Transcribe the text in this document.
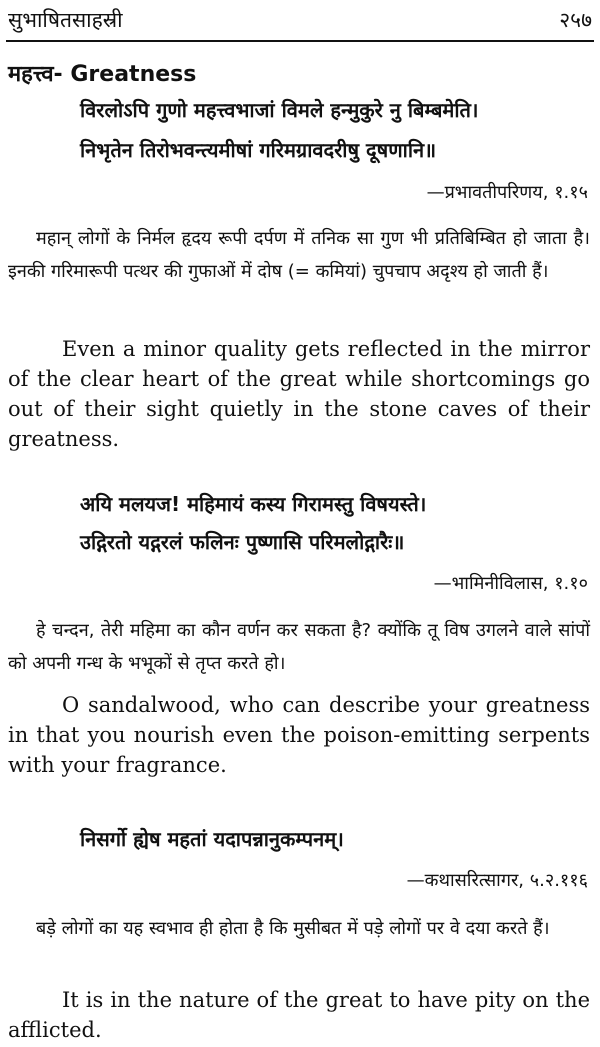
सुभाषितसाहस्री	२५७
महत्त्व- Greatness
विरलोऽपि गुणो महत्त्वभाजां विमले हन्मुकुरे नु बिम्बमेति।
निभृतेन तिरोभवन्त्यमीषां गरिमग्रावदरीषु दूषणानि॥
—प्रभावतीपरिणय, १.१५
महान् लोगों के निर्मल हृदय रूपी दर्पण में तनिक सा गुण भी प्रतिबिम्बित हो जाता है। इनकी गरिमारूपी पत्थर की गुफाओं में दोष (= कमियां) चुपचाप अदृश्य हो जाती हैं।
Even a minor quality gets reflected in the mirror of the clear heart of the great while shortcomings go out of their sight quietly in the stone caves of their greatness.
अयि मलयज! महिमायं कस्य गिरामस्तु विषयस्ते।
उद्गिरतो यद्गरलं फलिनः पुष्णासि परिमलोद्गारैः॥
—भामिनीविलास, १.१०
हे चन्दन, तेरी महिमा का कौन वर्णन कर सकता है? क्योंकि तू विष उगलने वाले सांपों को अपनी गन्ध के भभूकों से तृप्त करते हो।
O sandalwood, who can describe your greatness in that you nourish even the poison-emitting serpents with your fragrance.
निसर्गो ह्येष महतां यदापन्नानुकम्पनम्।
—कथासरित्सागर, ५.२.११६
बड़े लोगों का यह स्वभाव ही होता है कि मुसीबत में पड़े लोगों पर वे दया करते हैं।
It is in the nature of the great to have pity on the afflicted.
